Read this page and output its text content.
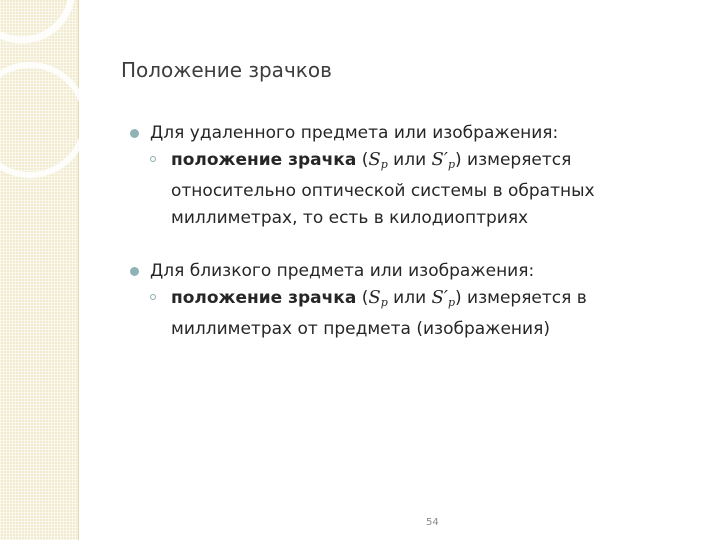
Положение зрачков
Для удаленного предмета или изображения:
положение зрачка ($S_p$ или $S'_p$) измеряется
относительно оптической системы в обратных
миллиметрах, то есть в килодиоптриях
Для близкого предмета или изображения:
положение зрачка ($S_p$ или $S'_p$) измеряется в
миллиметрах от предмета (изображения)
54
